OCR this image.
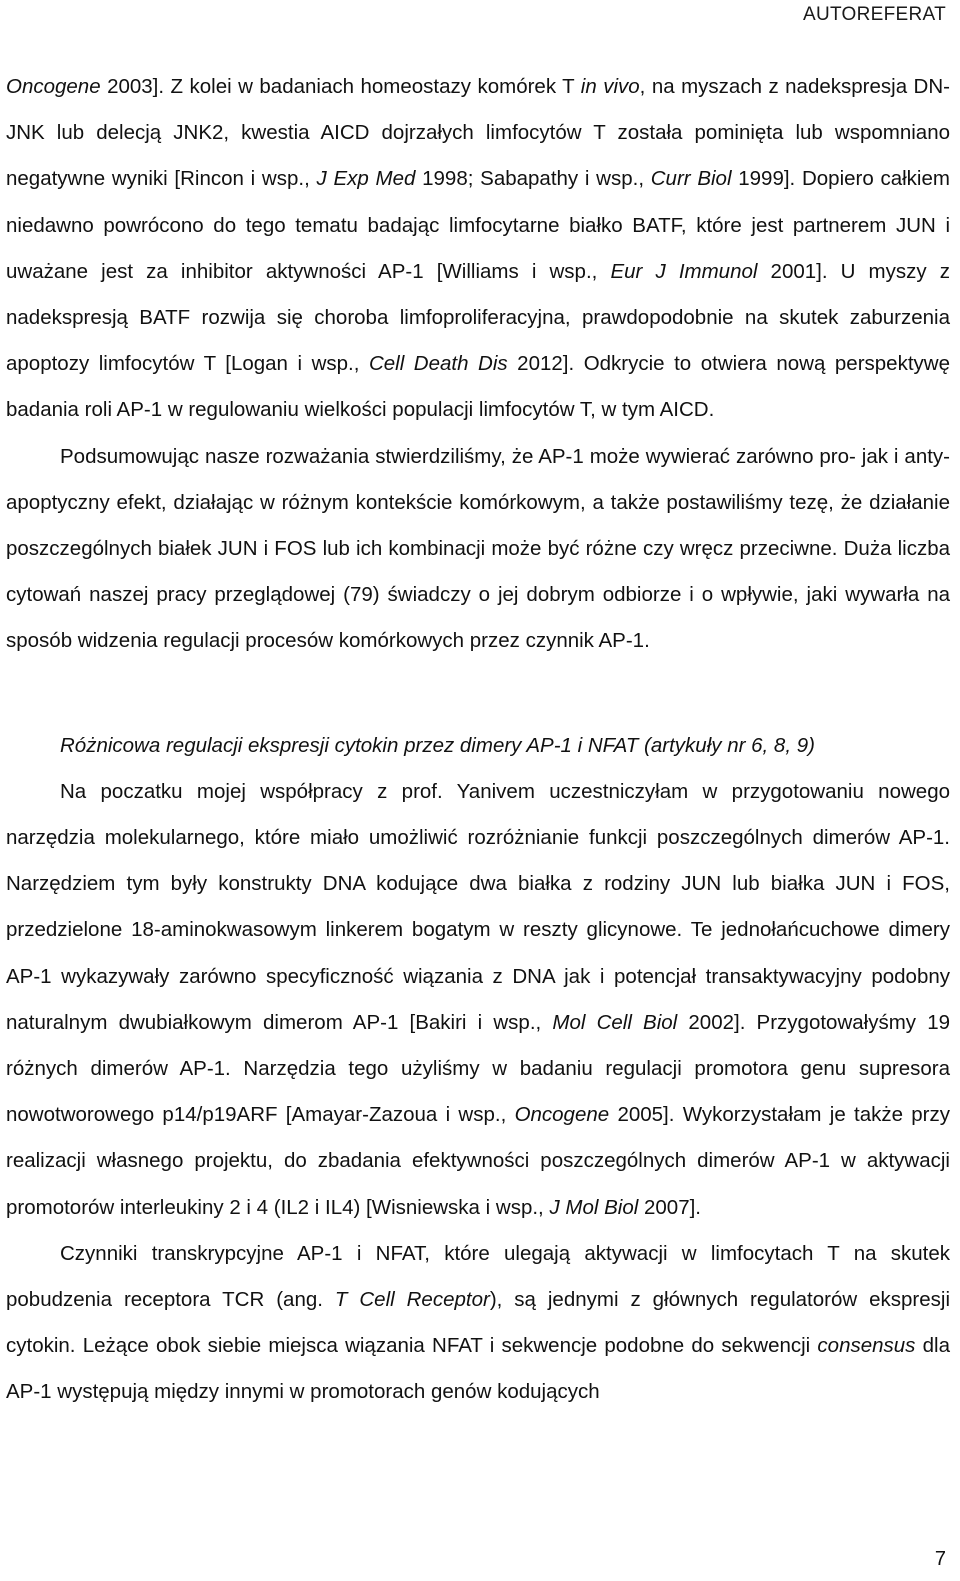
AUTOREFERAT

Oncogene 2003]. Z kolei w badaniach homeostazy komórek T in vivo, na myszach z nadekspresja DN-JNK lub delecją JNK2, kwestia AICD dojrzałych limfocytów T została pominięta lub wspomniano negatywne wyniki [Rincon i wsp., J Exp Med 1998; Sabapathy i wsp., Curr Biol 1999]. Dopiero całkiem niedawno powrócono do tego tematu badając limfocytarne białko BATF, które jest partnerem JUN i uważane jest za inhibitor aktywności AP-1 [Williams i wsp., Eur J Immunol 2001]. U myszy z nadekspresją BATF rozwija się choroba limfoproliferacyjna, prawdopodobnie na skutek zaburzenia apoptozy limfocytów T [Logan i wsp., Cell Death Dis 2012]. Odkrycie to otwiera nową perspektywę badania roli AP-1 w regulowaniu wielkości populacji limfocytów T, w tym AICD.

Podsumowując nasze rozważania stwierdziliśmy, że AP-1 może wywierać zarówno pro- jak i anty-apoptyczny efekt, działając w różnym kontekście komórkowym, a także postawiliśmy tezę, że działanie poszczególnych białek JUN i FOS lub ich kombinacji może być różne czy wręcz przeciwne. Duża liczba cytowań naszej pracy przeglądowej (79) świadczy o jej dobrym odbiorze i o wpływie, jaki wywarła na sposób widzenia regulacji procesów komórkowych przez czynnik AP-1.

Różnicowa regulacji ekspresji cytokin przez dimery AP-1 i NFAT (artykuły nr 6, 8, 9)

Na poczatku mojej współpracy z prof. Yanivem uczestniczyłam w przygotowaniu nowego narzędzia molekularnego, które miało umożliwić rozróżnianie funkcji poszczególnych dimerów AP-1. Narzędziem tym były konstrukty DNA kodujące dwa białka z rodziny JUN lub białka JUN i FOS, przedzielone 18-aminokwasowym linkerem bogatym w reszty glicynowe. Te jednołańcuchowe dimery AP-1 wykazywały zarówno specyficzność wiązania z DNA jak i potencjał transaktywacyjny podobny naturalnym dwubiałkowym dimerom AP-1 [Bakiri i wsp., Mol Cell Biol 2002]. Przygotowałyśmy 19 różnych dimerów AP-1. Narzędzia tego użyliśmy w badaniu regulacji promotora genu supresora nowotworowego p14/p19ARF [Amayar-Zazoua i wsp., Oncogene 2005]. Wykorzystałam je także przy realizacji własnego projektu, do zbadania efektywności poszczególnych dimerów AP-1 w aktywacji promotorów interleukiny 2 i 4 (IL2 i IL4) [Wisniewska i wsp., J Mol Biol 2007].

Czynniki transkrypcyjne AP-1 i NFAT, które ulegają aktywacji w limfocytach T na skutek pobudzenia receptora TCR (ang. T Cell Receptor), są jednymi z głównych regulatorów ekspresji cytokin. Leżące obok siebie miejsca wiązania NFAT i sekwencje podobne do sekwencji consensus dla AP-1 występują między innymi w promotorach genów kodujących

7
